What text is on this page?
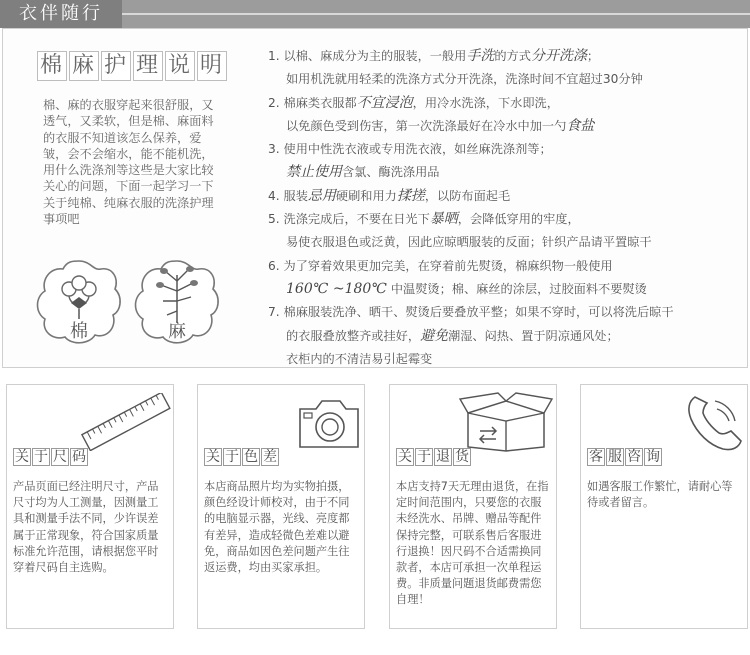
衣伴随行
棉 麻 护 理 说 明
棉、麻的衣服穿起来很舒服，又透气，又柔软，但是棉、麻面料的衣服不知道该怎么保养，爱皱，会不会缩水，能不能机洗，用什么洗涤剂等这些是大家比较关心的问题，下面一起学习一下关于纯棉、纯麻衣服的洗涤护理事项吧
棉	麻
1. 以棉、麻成分为主的服装，一般用手洗的方式分开洗涤；
如用机洗就用轻柔的洗涤方式分开洗涤，洗涤时间不宜超过30分钟
2. 棉麻类衣服都不宜浸泡，用冷水洗涤，下水即洗，
以免颜色受到伤害，第一次洗涤最好在冷水中加一勺食盐
3. 使用中性洗衣液或专用洗衣液，如丝麻洗涤剂等；
禁止使用含氯、酶洗涤用品
4. 服装忌用硬刷和用力揉搓，以防布面起毛
5. 洗涤完成后，不要在日光下暴晒，会降低穿用的牢度，
易使衣服退色或泛黄，因此应晾晒服装的反面；针织产品请平置晾干
6. 为了穿着效果更加完美，在穿着前先熨烫，棉麻织物一般使用
160℃ ~180℃ 中温熨烫；棉、麻丝的涂层，过胶面料不要熨烫
7. 棉麻服装洗净、晒干、熨烫后要叠放平整；如果不穿时，可以将洗后晾干
的衣服叠放整齐或挂好，避免潮湿、闷热、置于阴凉通风处；
衣柜内的不清洁易引起霉变
关 于 尺 码
产品页面已经注明尺寸，产品尺寸均为人工测量，因测量工具和测量手法不同，少许误差属于正常现象，符合国家质量标准允许范围，请根据您平时穿着尺码自主选购。
关 于 色 差
本店商品照片均为实物拍摄，颜色经设计师校对，由于不同的电脑显示器，光线、亮度都有差异，造成轻微色差难以避免，商品如因色差问题产生往返运费，均由买家承担。
关 于 退 货
本店支持7天无理由退货，在指定时间范围内，只要您的衣服未经洗水、吊牌、赠品等配件保持完整，可联系售后客服进行退换！因尺码不合适需换同款者，本店可承担一次单程运费。非质量问题退货邮费需您自理！
客 服 咨 询
如遇客服工作繁忙，请耐心等待或者留言。
